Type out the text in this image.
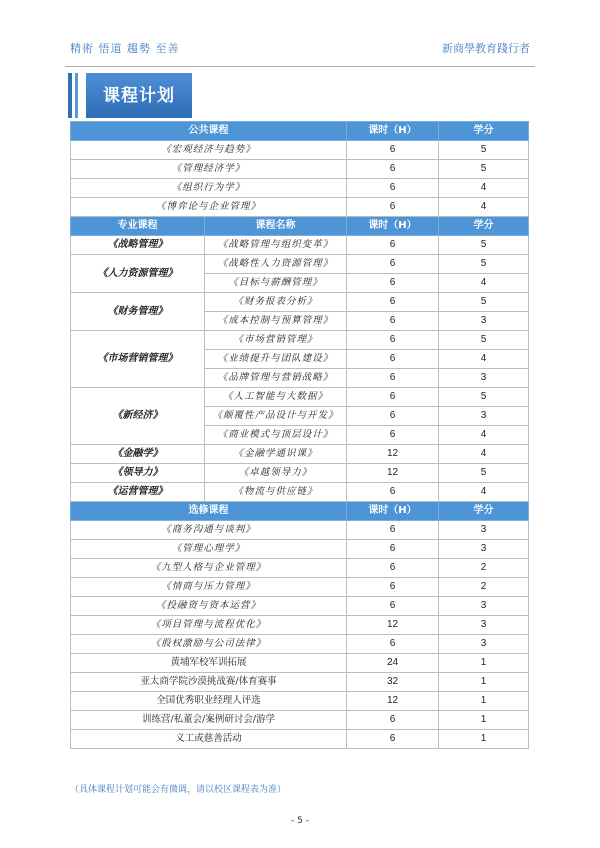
精術 悟道 趨勢 至善	新商學教育踐行者
课程计划
公共课程		课时（H）	学分
《宏观经济与趋势》		6	5
《管理经济学》		6	5
《组织行为学》		6	4
《博弈论与企业管理》		6	4
专业课程	课程名称	课时（H）	学分
《战略管理》	《战略管理与组织变革》	6	5
《人力资源管理》	《战略性人力资源管理》	6	5
	《目标与薪酬管理》	6	4
《财务管理》	《财务报表分析》	6	5
	《成本控制与预算管理》	6	3
《市场营销管理》	《市场营销管理》	6	5
	《业绩提升与团队建设》	6	4
	《品牌管理与营销战略》	6	3
《新经济》	《人工智能与大数据》	6	5
	《颠覆性产品设计与开发》	6	3
	《商业模式与顶层设计》	6	4
《金融学》	《金融学通识课》	12	4
《领导力》	《卓越领导力》	12	5
《运营管理》	《物流与供应链》	6	4
选修课程		课时（H）	学分
《商务沟通与谈判》		6	3
《管理心理学》		6	3
《九型人格与企业管理》		6	2
《情商与压力管理》		6	2
《投融资与资本运营》		6	3
《项目管理与流程优化》		12	3
《股权激励与公司法律》		6	3
黄埔军校军训拓展		24	1
亚太商学院沙漠挑战赛/体育赛事		32	1
全国优秀职业经理人评选		12	1
训练营/私董会/案例研讨会/游学		6	1
义工或慈善活动		6	1
（具体课程计划可能会有微调，请以校区课程表为准）
- 5 -
